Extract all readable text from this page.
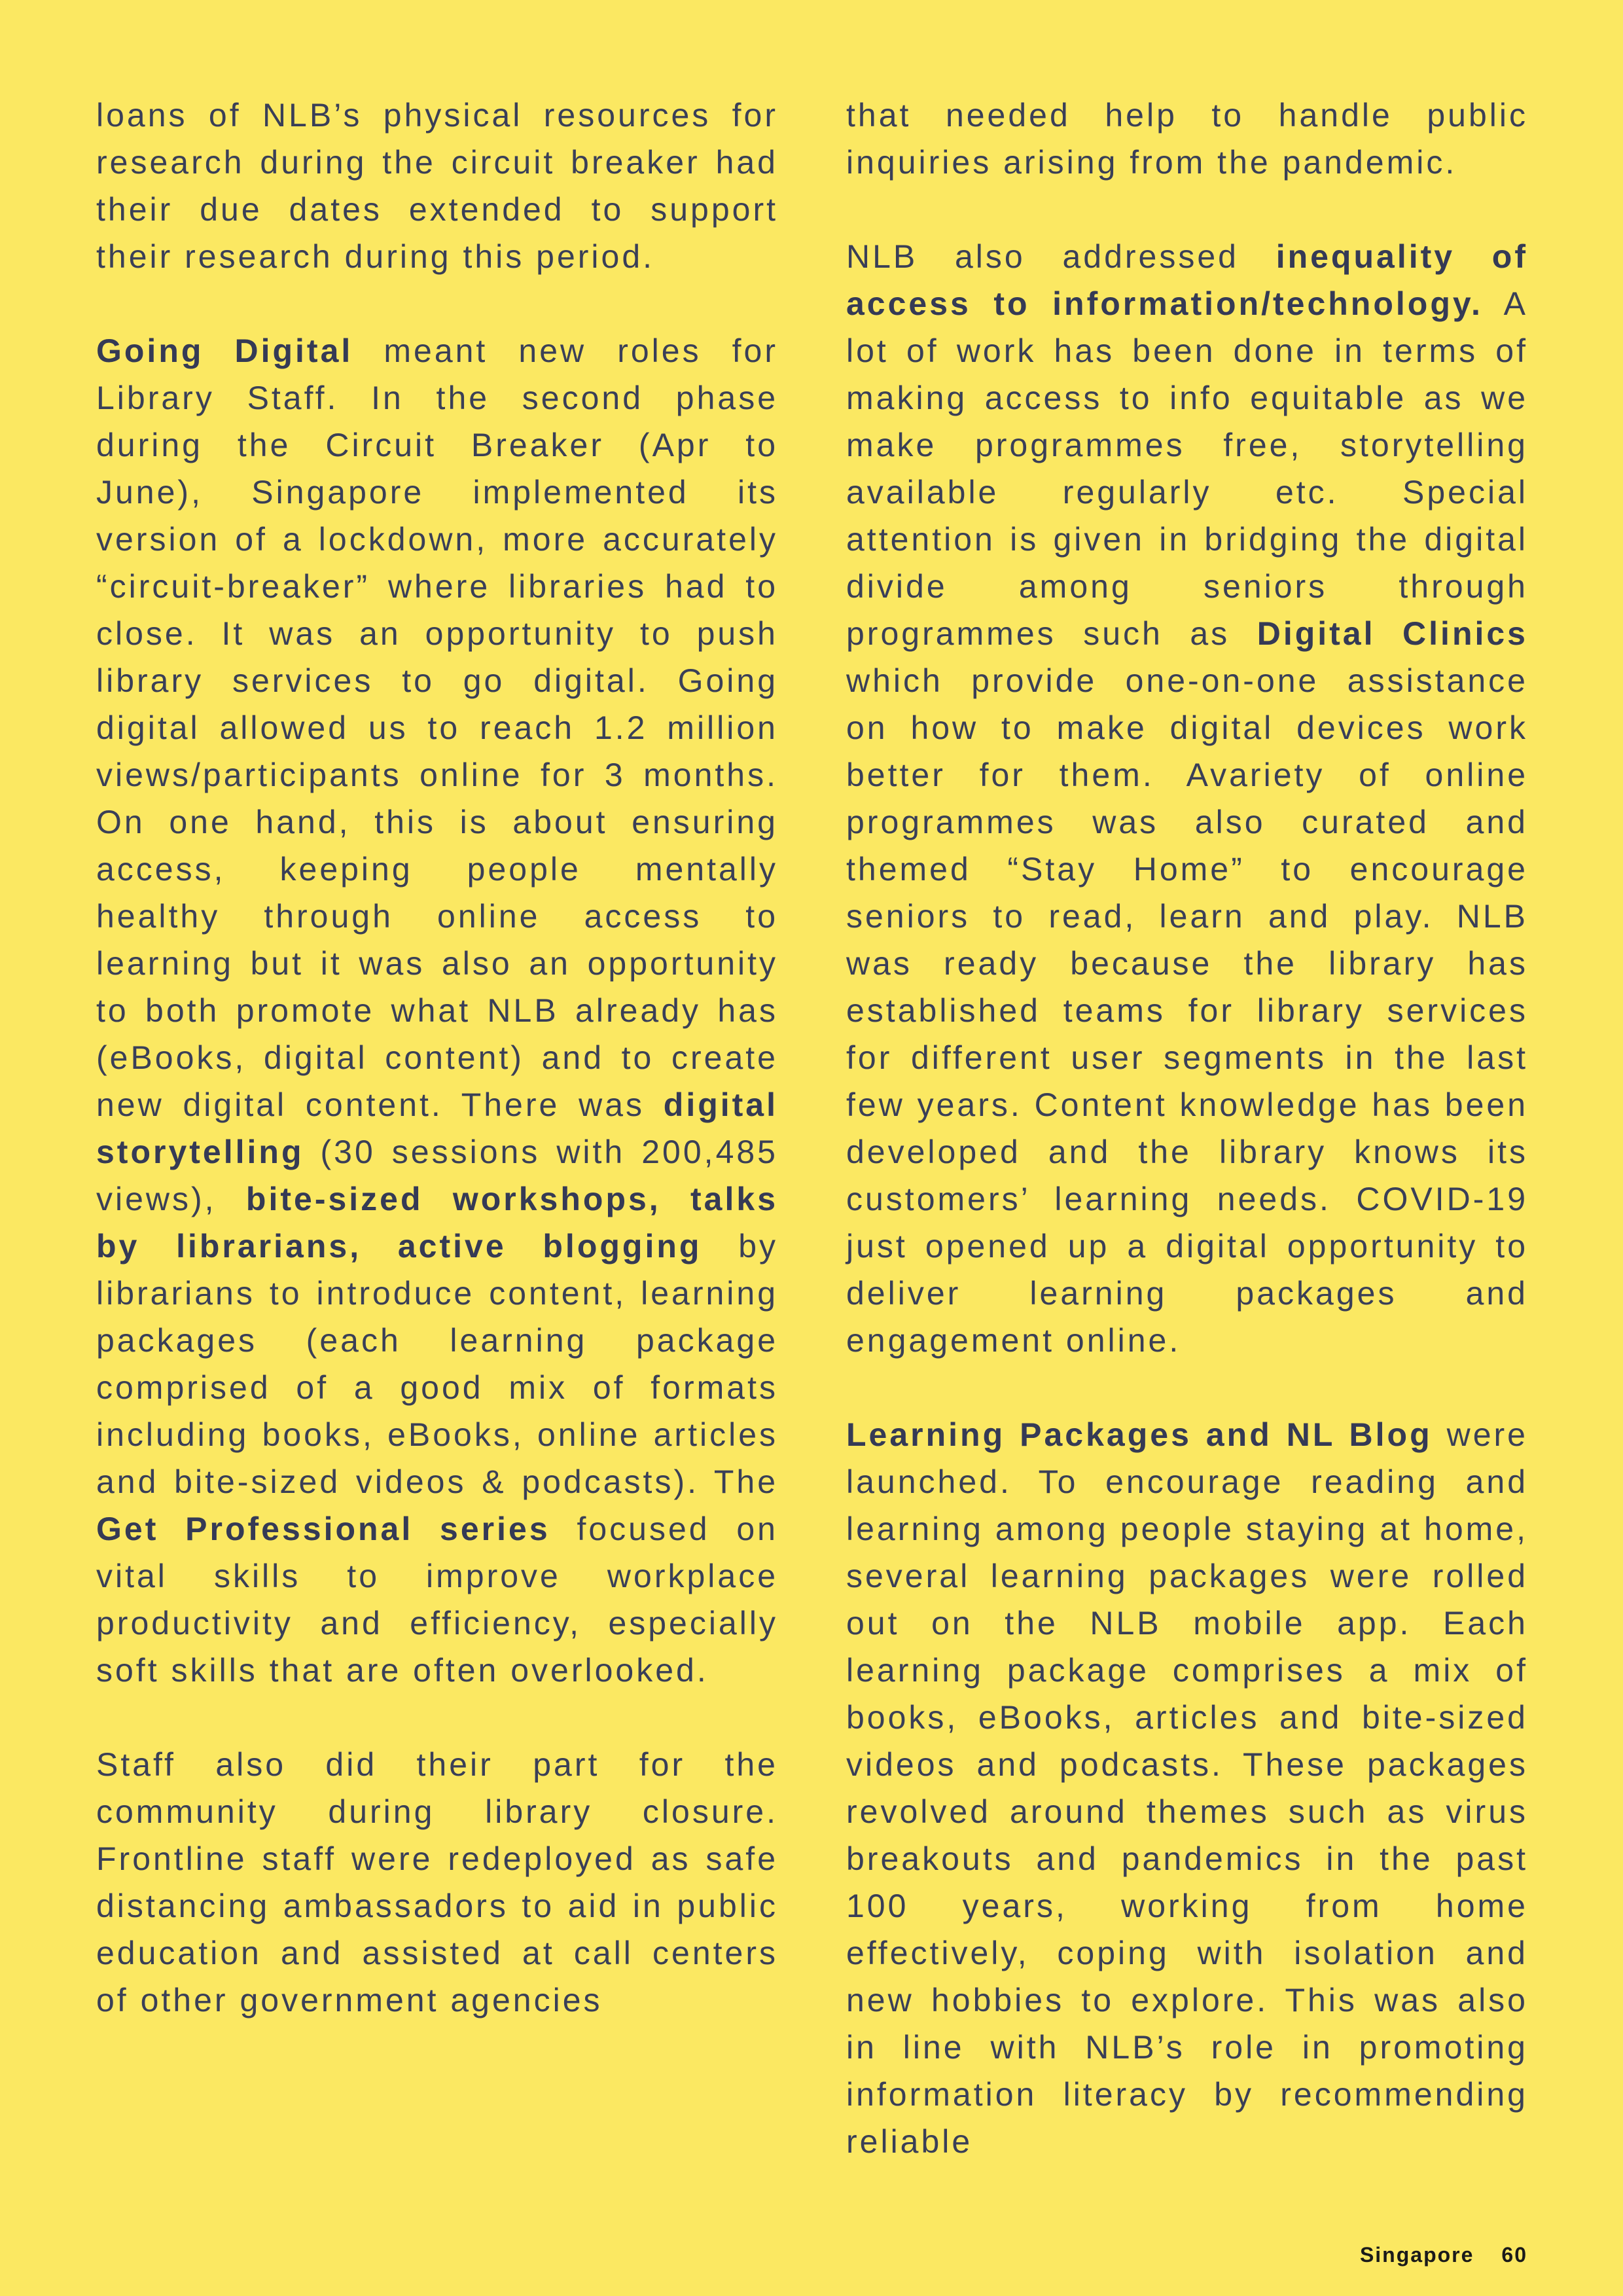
loans of NLB’s physical resources for research during the circuit breaker had their due dates extended to support their research during this period.

Going Digital meant new roles for Library Staff. In the second phase during the Circuit Breaker (Apr to June), Singapore implemented its version of a lockdown, more accurately “circuit-breaker” where libraries had to close. It was an opportunity to push library services to go digital. Going digital allowed us to reach 1.2 million views/participants online for 3 months. On one hand, this is about ensuring access, keeping people mentally healthy through online access to learning but it was also an opportunity to both promote what NLB already has (eBooks, digital content) and to create new digital content. There was digital storytelling (30 sessions with 200,485 views), bite-sized workshops, talks by librarians, active blogging by librarians to introduce content, learning packages (each learning package comprised of a good mix of formats including books, eBooks, online articles and bite-sized videos & podcasts). The Get Professional series focused on vital skills to improve workplace productivity and efficiency, especially soft skills that are often overlooked.

Staff also did their part for the community during library closure. Frontline staff were redeployed as safe distancing ambassadors to aid in public education and assisted at call centers of other government agencies

that needed help to handle public inquiries arising from the pandemic.

NLB also addressed inequality of access to information/technology. A lot of work has been done in terms of making access to info equitable as we make programmes free, storytelling available regularly etc. Special attention is given in bridging the digital divide among seniors through programmes such as Digital Clinics which provide one-on-one assistance on how to make digital devices work better for them. Avariety of online programmes was also curated and themed “Stay Home” to encourage seniors to read, learn and play. NLB was ready because the library has established teams for library services for different user segments in the last few years. Content knowledge has been developed and the library knows its customers’ learning needs. COVID-19 just opened up a digital opportunity to deliver learning packages and engagement online.

Learning Packages and NL Blog were launched. To encourage reading and learning among people staying at home, several learning packages were rolled out on the NLB mobile app. Each learning package comprises a mix of books, eBooks, articles and bite-sized videos and podcasts. These packages revolved around themes such as virus breakouts and pandemics in the past 100 years, working from home effectively, coping with isolation and new hobbies to explore. This was also in line with NLB’s role in promoting information literacy by recommending reliable

Singapore 60
